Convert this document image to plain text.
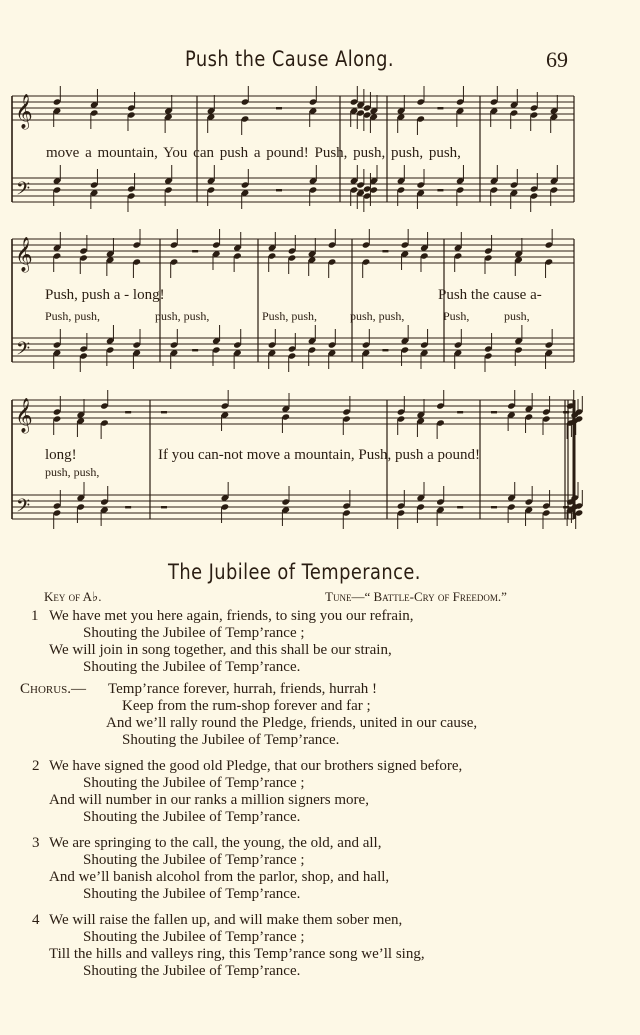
Push the Cause Along.	69
𝄞
𝄢
𝄞
𝄢
𝄞
𝄢
move a mountain, You can push a pound! Push, push, push, push,
Push, push a - long!	Push the cause a-
Push, push,	push, push,	Push, push,	push, push,	Push,	push,
long!	If you can-not move a mountain, Push, push a pound!
push, push,
The Jubilee of Temperance.
Key of A♭.	Tune—“ Battle-Cry of Freedom.”
1 We have met you here again, friends, to sing you our refrain,
Shouting the Jubilee of Temp’rance ;
We will join in song together, and this shall be our strain,
Shouting the Jubilee of Temp’rance.
Chorus.— Temp’rance forever, hurrah, friends, hurrah !
Keep from the rum-shop forever and far ;
And we’ll rally round the Pledge, friends, united in our cause,
Shouting the Jubilee of Temp’rance.
2 We have signed the good old Pledge, that our brothers signed before,
Shouting the Jubilee of Temp’rance ;
And will number in our ranks a million signers more,
Shouting the Jubilee of Temp’rance.
3 We are springing to the call, the young, the old, and all,
Shouting the Jubilee of Temp’rance ;
And we’ll banish alcohol from the parlor, shop, and hall,
Shouting the Jubilee of Temp’rance.
4 We will raise the fallen up, and will make them sober men,
Shouting the Jubilee of Temp’rance ;
Till the hills and valleys ring, this Temp’rance song we’ll sing,
Shouting the Jubilee of Temp’rance.
